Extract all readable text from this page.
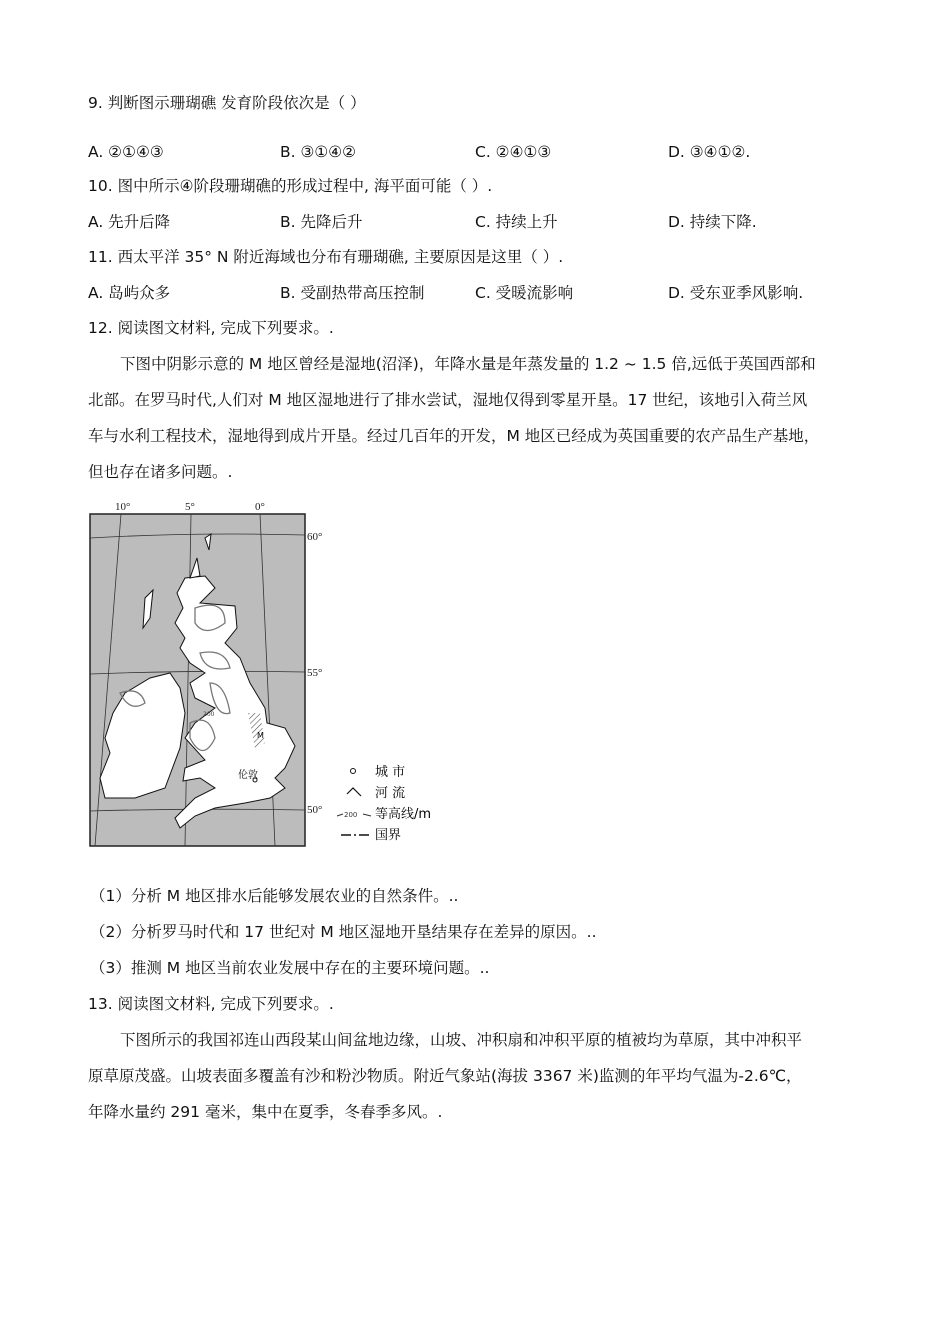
9. 判断图示珊瑚礁 发育阶段依次是（ ）
A. ②①④③	B. ③①④②	C. ②④①③	D. ③④①②.
10. 图中所示④阶段珊瑚礁的形成过程中, 海平面可能（ ）.
A. 先升后降	B. 先降后升	C. 持续上升	D. 持续下降.
11. 西太平洋 35° N 附近海域也分布有珊瑚礁, 主要原因是这里（ ）.
A. 岛屿众多	B. 受副热带高压控制	C. 受暖流影响	D. 受东亚季风影响.
12. 阅读图文材料, 完成下列要求。.
下图中阴影示意的 M 地区曾经是湿地(沼泽)，年降水量是年蒸发量的 1.2 ~ 1.5 倍,远低于英国西部和
北部。在罗马时代,人们对 M 地区湿地进行了排水尝试，湿地仅得到零星开垦。17 世纪，该地引入荷兰风
车与水利工程技术，湿地得到成片开垦。经过几百年的开发，M 地区已经成为英国重要的农产品生产基地，
但也存在诸多问题。.
伦敦
M
200
10°	5°	0°
60°
55°
50°
城 市
河 流
200 等高线/m
国界
（1）分析 M 地区排水后能够发展农业的自然条件。..
（2）分析罗马时代和 17 世纪对 M 地区湿地开垦结果存在差异的原因。..
（3）推测 M 地区当前农业发展中存在的主要环境问题。..
13. 阅读图文材料, 完成下列要求。.
下图所示的我国祁连山西段某山间盆地边缘，山坡、冲积扇和冲积平原的植被均为草原，其中冲积平
原草原茂盛。山坡表面多覆盖有沙和粉沙物质。附近气象站(海拔 3367 米)监测的年平均气温为-2.6℃，
年降水量约 291 毫米，集中在夏季，冬春季多风。.
